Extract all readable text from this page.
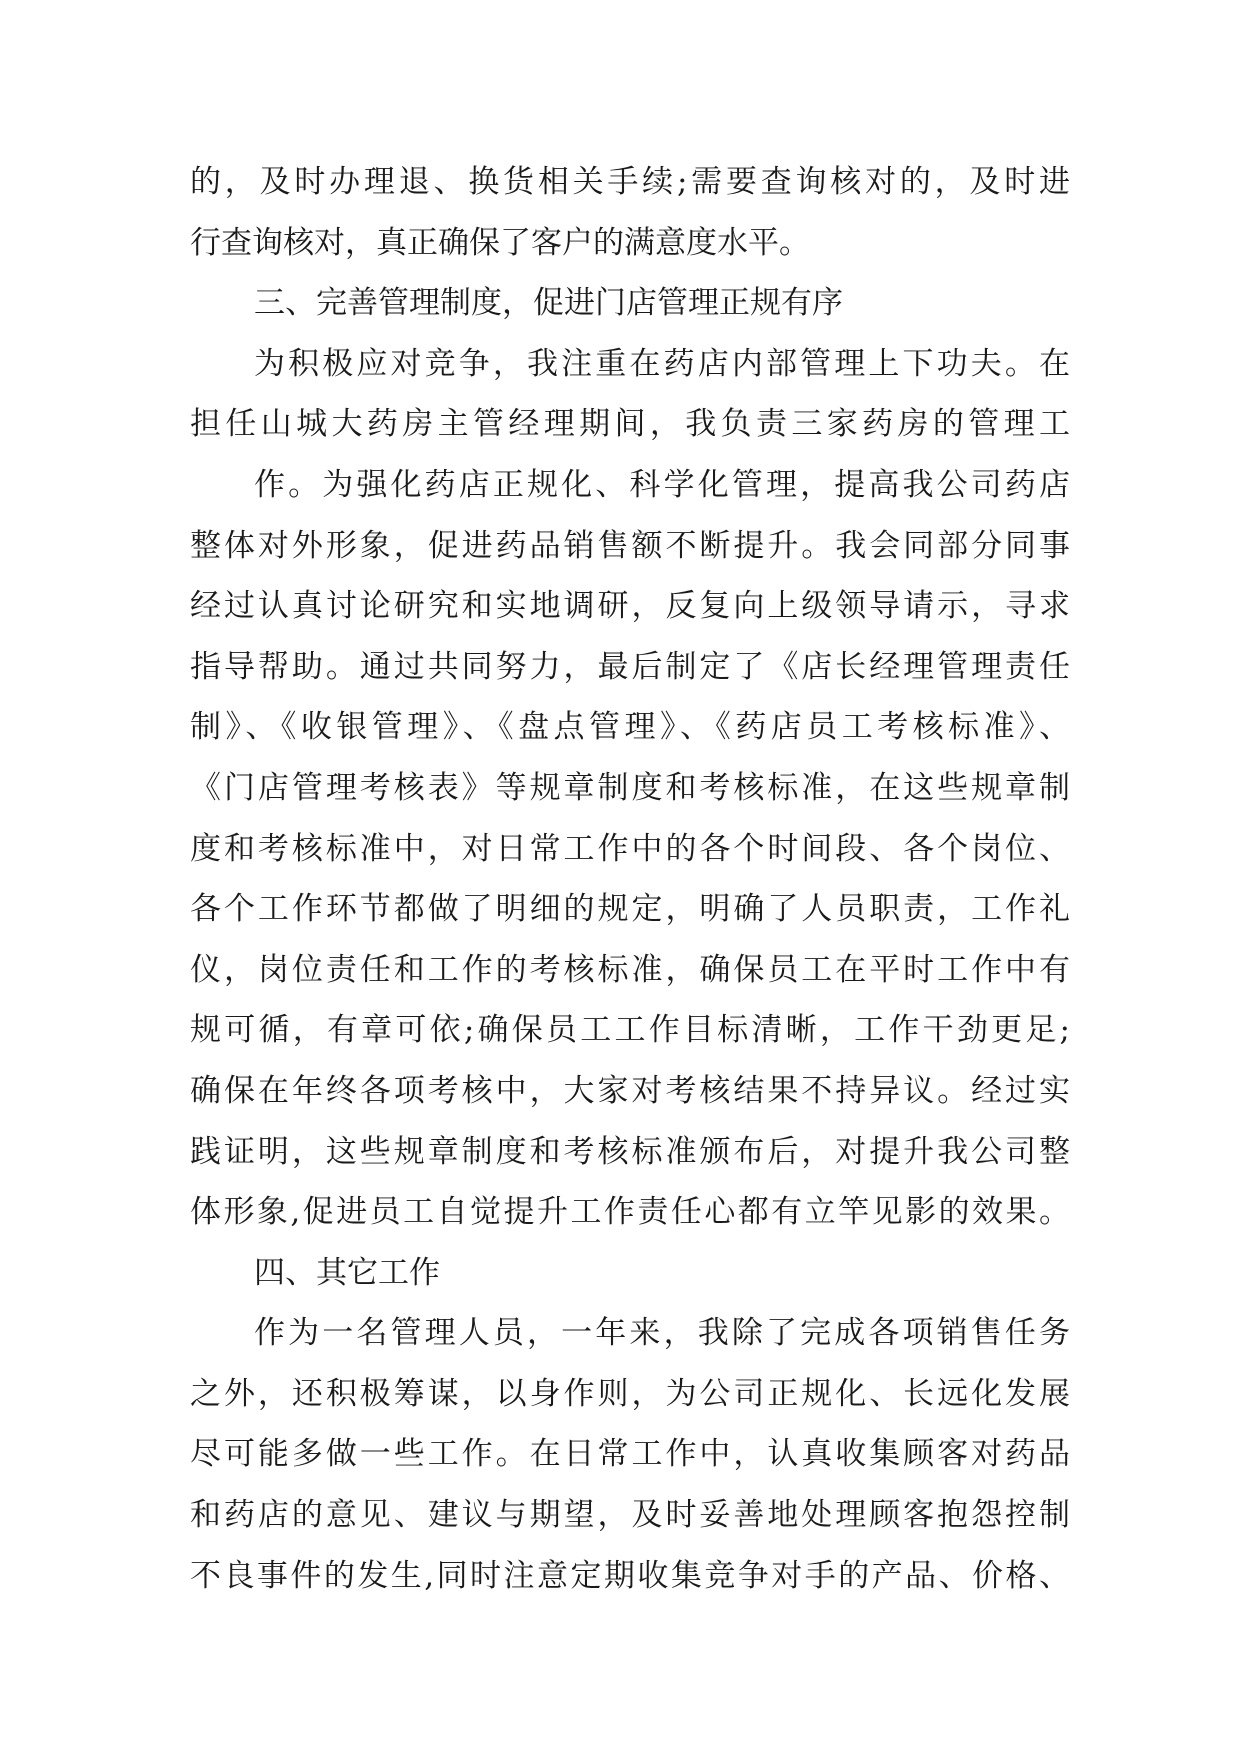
的，及时办理退、换货相关手续;需要查询核对的，及时进
行查询核对，真正确保了客户的满意度水平。
三、完善管理制度，促进门店管理正规有序
为积极应对竞争，我注重在药店内部管理上下功夫。在
担任山城大药房主管经理期间，我负责三家药房的管理工
作。为强化药店正规化、科学化管理，提高我公司药店
整体对外形象，促进药品销售额不断提升。我会同部分同事
经过认真讨论研究和实地调研，反复向上级领导请示，寻求
指导帮助。通过共同努力，最后制定了《店长经理管理责任
制》、《收银管理》、《盘点管理》、《药店员工考核标准》、
《门店管理考核表》等规章制度和考核标准，在这些规章制
度和考核标准中，对日常工作中的各个时间段、各个岗位、
各个工作环节都做了明细的规定，明确了人员职责，工作礼
仪，岗位责任和工作的考核标准，确保员工在平时工作中有
规可循，有章可依;确保员工工作目标清晰，工作干劲更足;
确保在年终各项考核中，大家对考核结果不持异议。经过实
践证明，这些规章制度和考核标准颁布后，对提升我公司整
体形象,促进员工自觉提升工作责任心都有立竿见影的效果。
四、其它工作
作为一名管理人员，一年来，我除了完成各项销售任务
之外，还积极筹谋，以身作则，为公司正规化、长远化发展
尽可能多做一些工作。在日常工作中，认真收集顾客对药品
和药店的意见、建议与期望，及时妥善地处理顾客抱怨控制
不良事件的发生,同时注意定期收集竞争对手的产品、价格、
